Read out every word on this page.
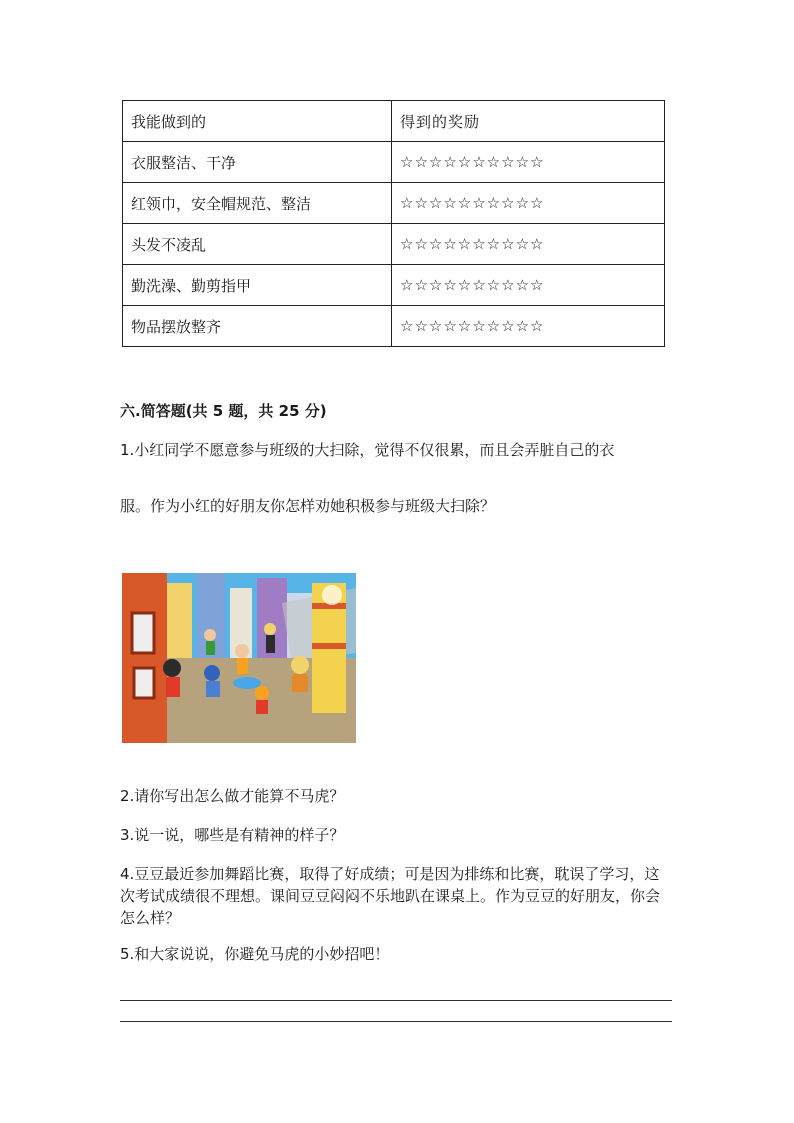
我能做到的	得到的奖励
衣服整洁、干净	☆☆☆☆☆☆☆☆☆☆
红领巾，安全帽规范、整洁	☆☆☆☆☆☆☆☆☆☆
头发不凌乱	☆☆☆☆☆☆☆☆☆☆
勤洗澡、勤剪指甲	☆☆☆☆☆☆☆☆☆☆
物品摆放整齐	☆☆☆☆☆☆☆☆☆☆
六.简答题(共 5 题，共 25 分)
1.小红同学不愿意参与班级的大扫除，觉得不仅很累，而且会弄脏自己的衣
服。作为小红的好朋友你怎样劝她积极参与班级大扫除？
2.请你写出怎么做才能算不马虎？
3.说一说，哪些是有精神的样子？
4.豆豆最近参加舞蹈比赛，取得了好成绩；可是因为排练和比赛，耽误了学习，这次考试成绩很不理想。课间豆豆闷闷不乐地趴在课桌上。作为豆豆的好朋友，你会怎么样？
5.和大家说说，你避免马虎的小妙招吧！
